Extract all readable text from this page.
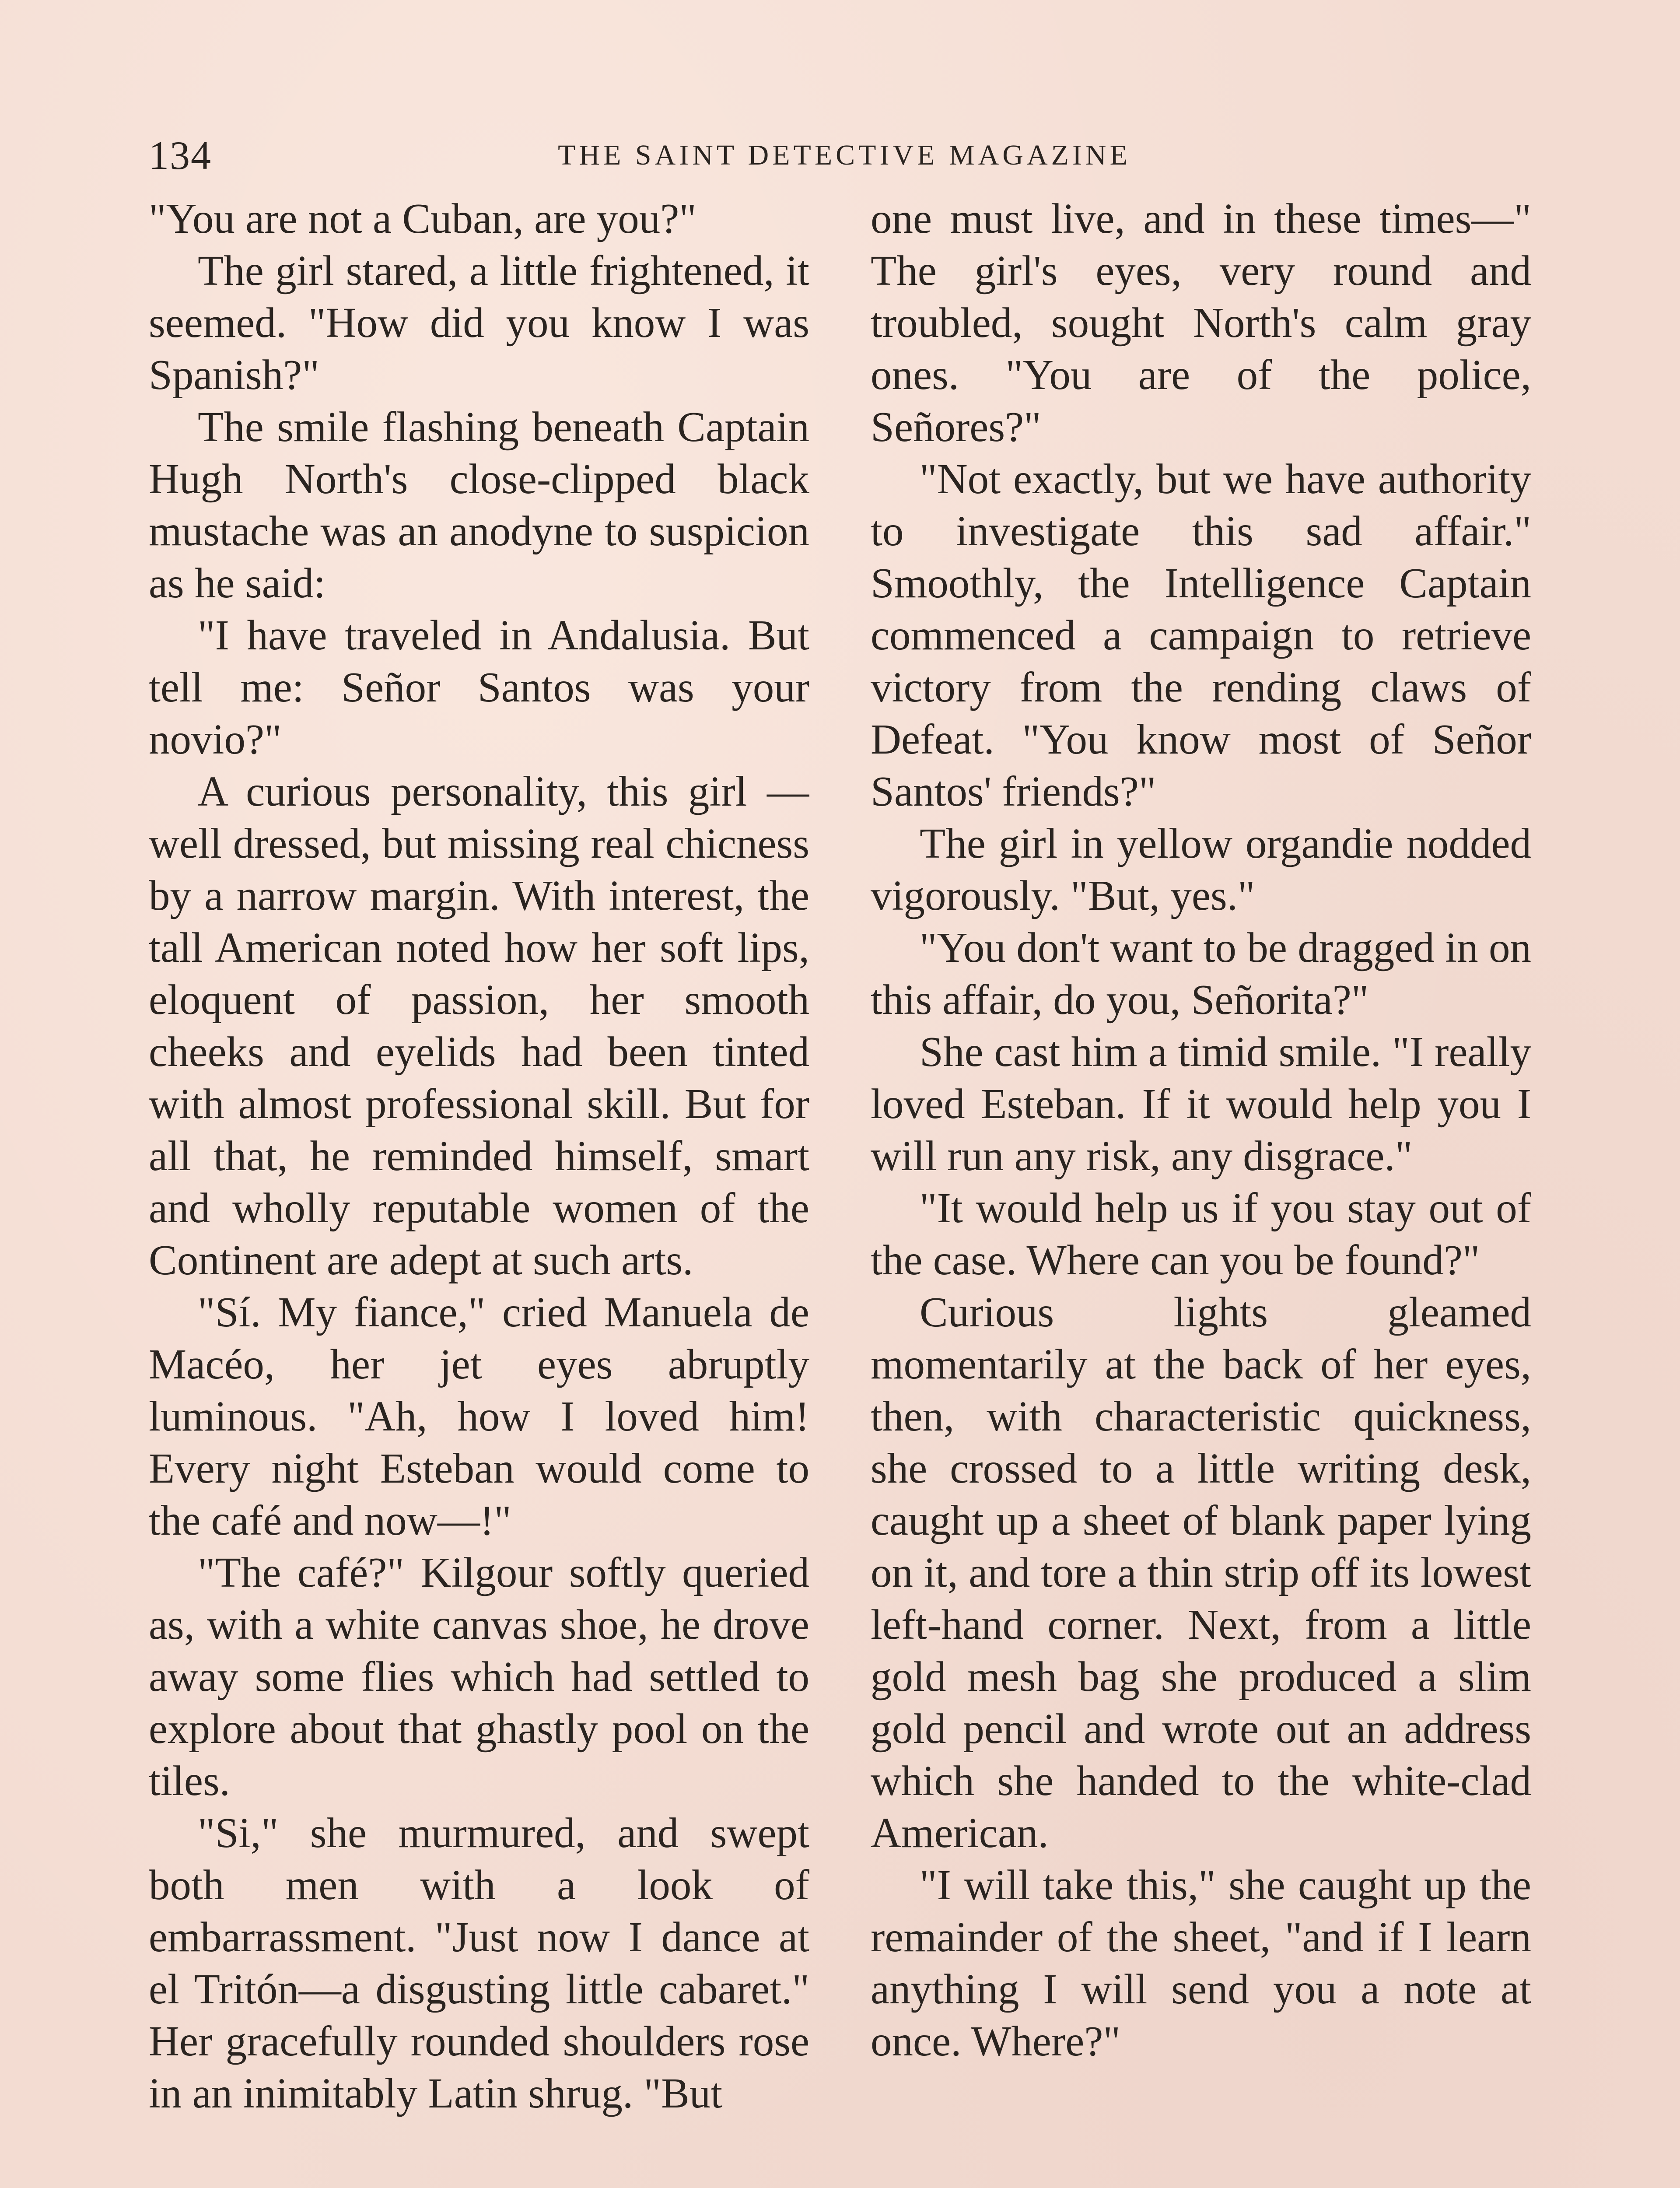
134	THE SAINT DETECTIVE MAGAZINE

"You are not a Cuban, are you?"

The girl stared, a little frightened, it seemed. "How did you know I was Spanish?"

The smile flashing beneath Captain Hugh North's close-clipped black mustache was an anodyne to suspicion as he said:

"I have traveled in Andalusia. But tell me: Señor Santos was your novio?"

A curious personality, this girl —well dressed, but missing real chicness by a narrow margin. With interest, the tall American noted how her soft lips, eloquent of passion, her smooth cheeks and eyelids had been tinted with almost professional skill. But for all that, he reminded himself, smart and wholly reputable women of the Continent are adept at such arts.

"Sí. My fiance," cried Manuela de Macéo, her jet eyes abruptly luminous. "Ah, how I loved him! Every night Esteban would come to the café and now—!"

"The café?" Kilgour softly queried as, with a white canvas shoe, he drove away some flies which had settled to explore about that ghastly pool on the tiles.

"Si," she murmured, and swept both men with a look of embarrassment. "Just now I dance at el Tritón—a disgusting little cabaret." Her gracefully rounded shoulders rose in an inimitably Latin shrug. "But

one must live, and in these times—" The girl's eyes, very round and troubled, sought North's calm gray ones. "You are of the police, Señores?"

"Not exactly, but we have authority to investigate this sad affair." Smoothly, the Intelligence Captain commenced a campaign to retrieve victory from the rending claws of Defeat. "You know most of Señor Santos' friends?"

The girl in yellow organdie nodded vigorously. "But, yes."

"You don't want to be dragged in on this affair, do you, Señorita?"

She cast him a timid smile. "I really loved Esteban. If it would help you I will run any risk, any disgrace."

"It would help us if you stay out of the case. Where can you be found?"

Curious lights gleamed momentarily at the back of her eyes, then, with characteristic quickness, she crossed to a little writing desk, caught up a sheet of blank paper lying on it, and tore a thin strip off its lowest left-hand corner. Next, from a little gold mesh bag she produced a slim gold pencil and wrote out an address which she handed to the white-clad American.

"I will take this," she caught up the remainder of the sheet, "and if I learn anything I will send you a note at once. Where?"
